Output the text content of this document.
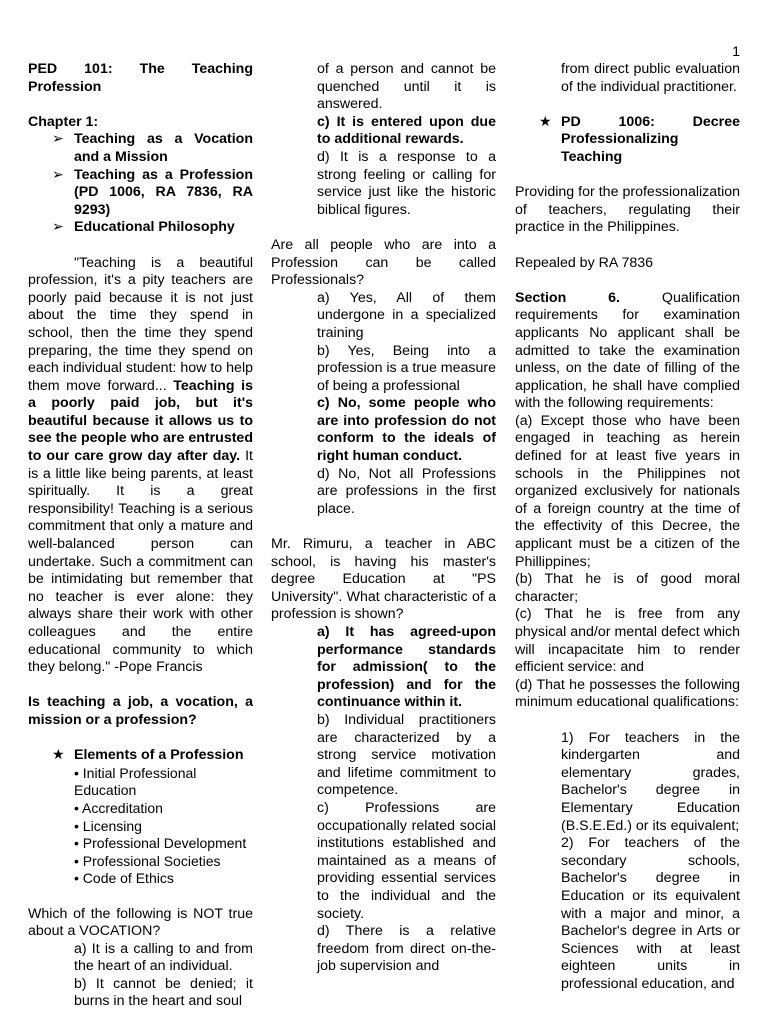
1

PED 101: The Teaching Profession

Chapter 1:

➢ Teaching as a Vocation and a Mission
➢ Teaching as a Profession (PD 1006, RA 7836, RA 9293)
➢ Educational Philosophy

"Teaching is a beautiful profession, it's a pity teachers are poorly paid because it is not just about the time they spend in school, then the time they spend preparing, the time they spend on each individual student: how to help them move forward... Teaching is a poorly paid job, but it's beautiful because it allows us to see the people who are entrusted to our care grow day after day. It is a little like being parents, at least spiritually. It is a great responsibility! Teaching is a serious commitment that only a mature and well-balanced person can undertake. Such a commitment can be intimidating but remember that no teacher is ever alone: they always share their work with other colleagues and the entire educational community to which they belong." -Pope Francis

Is teaching a job, a vocation, a mission or a profession?

★ Elements of a Profession

• Initial Professional Education

• Accreditation

• Licensing

• Professional Development

• Professional Societies

• Code of Ethics

Which of the following is NOT true about a VOCATION?

a) It is a calling to and from the heart of an individual.

b) It cannot be denied; it burns in the heart and soul

of a person and cannot be quenched until it is answered.

c) It is entered upon due to additional rewards.

d) It is a response to a strong feeling or calling for service just like the historic biblical figures.

Are all people who are into a Profession can be called Professionals?

a) Yes, All of them undergone in a specialized training

b) Yes, Being into a profession is a true measure of being a professional

c) No, some people who are into profession do not conform to the ideals of right human conduct.

d) No, Not all Professions are professions in the first place.

Mr. Rimuru, a teacher in ABC school, is having his master's degree Education at "PS University". What characteristic of a profession is shown?

a) It has agreed-upon performance standards for admission( to the profession) and for the continuance within it.

b) Individual practitioners are characterized by a strong service motivation and lifetime commitment to competence.

c) Professions are occupationally related social institutions established and maintained as a means of providing essential services to the individual and the society.

d) There is a relative freedom from direct on-the-job supervision and

from direct public evaluation of the individual practitioner.

★ PD 1006: Decree Professionalizing Teaching

Providing for the professionalization of teachers, regulating their practice in the Philippines.

Repealed by RA 7836

Section 6.	Qualification requirements for examination applicants No applicant shall be admitted to take the examination unless, on the date of filling of the application, he shall have complied with the following requirements:

(a) Except those who have been engaged in teaching as herein defined for at least five years in schools in the Philippines not organized exclusively for nationals of a foreign country at the time of the effectivity of this Decree, the applicant must be a citizen of the Phillippines;

(b) That he is of good moral character;

(c) That he is free from any physical and/or mental defect which will incapacitate him to render efficient service: and

(d) That he possesses the following minimum educational qualifications:

1) For teachers in the kindergarten and elementary grades, Bachelor's degree in Elementary Education (B.S.E.Ed.) or its equivalent;

2) For teachers of the secondary schools, Bachelor's degree in Education or its equivalent with a major and minor, a Bachelor's degree in Arts or Sciences with at least eighteen units in professional education, and
